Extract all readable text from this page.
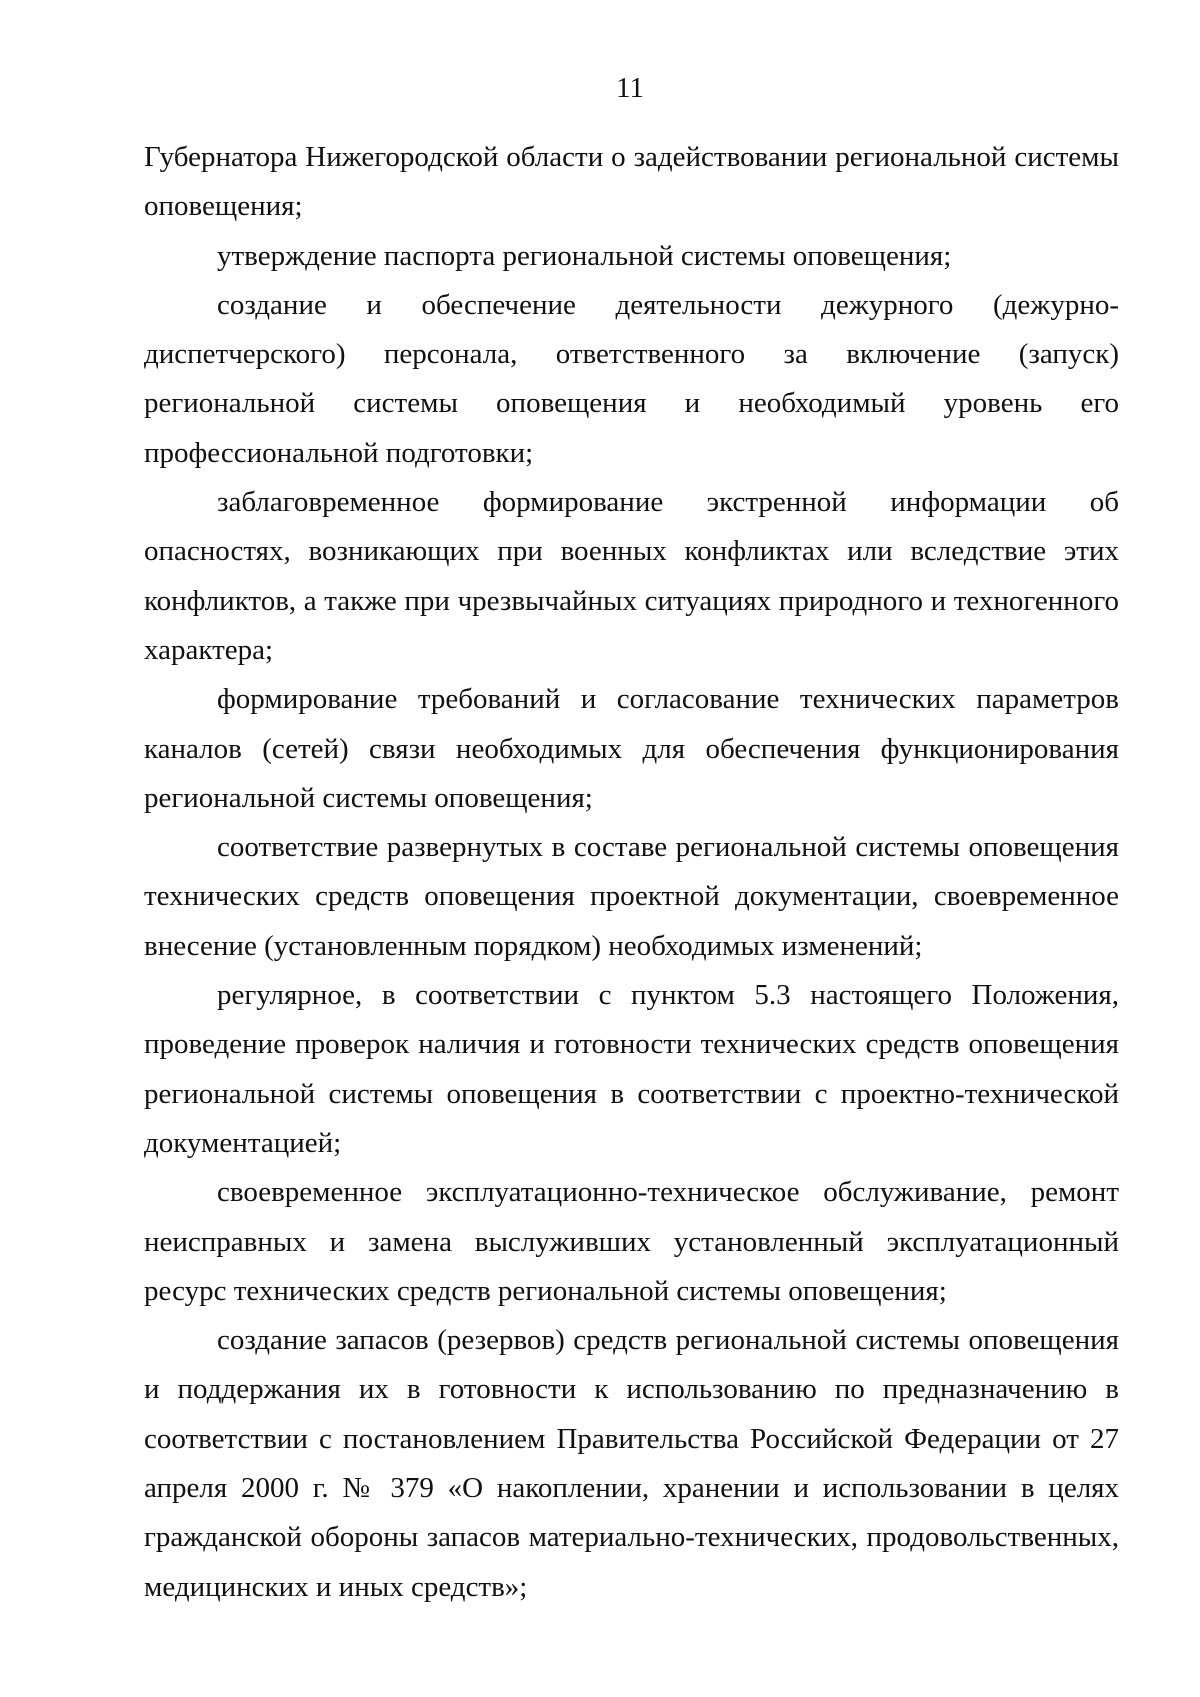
11

Губернатора Нижегородской области о задействовании региональной системы оповещения;

утверждение паспорта региональной системы оповещения;

создание и обеспечение деятельности дежурного (дежурно-диспетчерского) персонала, ответственного за включение (запуск) региональной системы оповещения и необходимый уровень его профессиональной подготовки;

заблаговременное формирование экстренной информации об опасностях, возникающих при военных конфликтах или вследствие этих конфликтов, а также при чрезвычайных ситуациях природного и техногенного характера;

формирование требований и согласование технических параметров каналов (сетей) связи необходимых для обеспечения функционирования региональной системы оповещения;

соответствие развернутых в составе региональной системы оповещения технических средств оповещения проектной документации, своевременное внесение (установленным порядком) необходимых изменений;

регулярное, в соответствии с пунктом 5.3 настоящего Положения, проведение проверок наличия и готовности технических средств оповещения региональной системы оповещения в соответствии с проектно-технической документацией;

своевременное эксплуатационно-техническое обслуживание, ремонт неисправных и замена выслуживших установленный эксплуатационный ресурс технических средств региональной системы оповещения;

создание запасов (резервов) средств региональной системы оповещения и поддержания их в готовности к использованию по предназначению в соответствии с постановлением Правительства Российской Федерации от 27 апреля 2000 г. № 379 «О накоплении, хранении и использовании в целях гражданской обороны запасов материально-технических, продовольственных, медицинских и иных средств»;
